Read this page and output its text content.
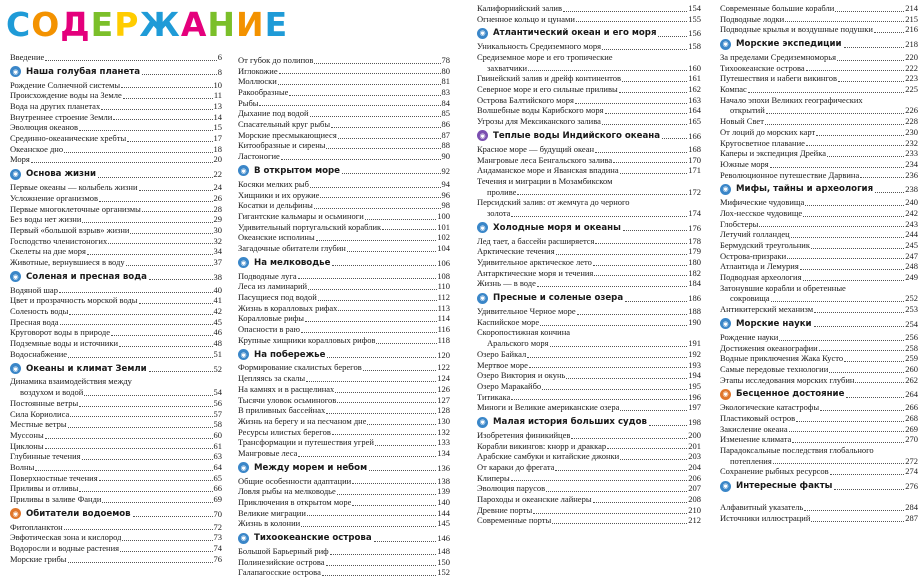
СОДЕРЖАНИЕ
Введение	6
◉ Наша голубая планета	8
Рождение Солнечной системы	10
Происхождение воды на Земле	11
Вода на других планетах	13
Внутреннее строение Земли	14
Эволюция океанов	15
Срединно-океанические хребты	17
Океанское дно	18
Моря	20
◉ Основа жизни	22
Первые океаны — колыбель жизни	24
Усложнение организмов	26
Первые многоклеточные организмы	28
Без воды нет жизни	29
Первый «большой взрыв» жизни	30
Господство членистоногих	32
Скелеты на дне моря	34
Животные, вернувшиеся в воду	37
◉ Соленая и пресная вода	38
Водяной шар	40
Цвет и прозрачность морской воды	41
Соленость воды	42
Пресная вода	45
Круговорот воды в природе	46
Подземные воды и источники	48
Водоснабжение	51
◉ Океаны и климат Земли	52
Динамика взаимодействия между
воздухом и водой	54
Постоянные ветры	56
Сила Кориолиса	57
Местные ветры	58
Муссоны	60
Циклоны	61
Глубинные течения	63
Волны	64
Поверхностные течения	65
Приливы и отливы	66
Приливы в заливе Фанди	69
◉ Обитатели водоемов	70
Фитопланктон	72
Эвфотическая зона и кислород	73
Водоросли и водные растения	74
Морские грибы	76
От губок до полипов	78
Иглокожие	80
Моллюски	81
Ракообразные	83
Рыбы	84
Дыхание под водой	85
Спасательный круг рыбы	86
Морские пресмыкающиеся	87
Китообразные и сирены	88
Ластоногие	90
◉ В открытом море	92
Косяки мелких рыб	94
Хищники и их оружие	96
Косатки и дельфины	98
Гигантские кальмары и осьминоги	100
Удивительный португальский кораблик	101
Океанские исполины	102
Загадочные обитатели глубин	104
◉ На мелководье	106
Подводные луга	108
Леса из ламинарий	110
Пасущиеся под водой	112
Жизнь в коралловых рифах	113
Коралловые рифы	114
Опасности в раю	116
Крупные хищники коралловых рифов	118
◉ На побережье	120
Формирование скалистых берегов	122
Цепляясь за скалы	124
На камнях и в расщелинах	126
Тысячи уловок осьминогов	127
В приливных бассейнах	128
Жизнь на берегу и на песчаном дне	130
Ресурсы илистых берегов	132
Трансформации и путешествия угрей	133
Мангровые леса	134
◉ Между морем и небом	136
Общие особенности адаптации	138
Ловля рыбы на мелководье	139
Приключения в открытом море	140
Великие миграции	144
Жизнь в колонии	145
◉ Тихоокеанские острова	146
Большой Барьерный риф	148
Полинезийские острова	150
Галапагосские острова	152
Калифорнийский залив	154
Огненное кольцо и цунами	155
◉ Атлантический океан и его моря	156
Уникальность Средиземного моря	158
Средиземное море и его тропические
захватчики	160
Гвинейский залив и дрейф континентов	161
Северное море и его сильные приливы	162
Острова Балтийского моря	163
Волшебные воды Карибского моря	164
Угрозы для Мексиканского залива	165
◉ Теплые воды Индийского океана	166
Красное море — будущий океан	168
Мангровые леса Бенгальского залива	170
Андаманское море и Яванская впадина	171
Течения и миграции в Мозамбикском
проливе	172
Персидский залив: от жемчуга до черного
золота	174
◉ Холодные моря и океаны	176
Лед тает, а бассейн расширяется	178
Арктические течения	179
Удивительное арктическое лето	180
Антарктические моря и течения	182
Жизнь — в воде	184
◉ Пресные и соленые озера	186
Удивительное Черное море	188
Каспийское море	190
Скоропостижная кончина
Аральского моря	191
Озеро Байкал	192
Мертвое море	193
Озеро Виктория и окунь	194
Озеро Маракайбо	195
Титикака	196
Миноги и Великие американские озера	197
◉ Малая история больших судов	198
Изобретения финикийцев	200
Корабли викингов: кнорр и драккар	201
Арабские самбуки и китайские джонки	203
От караки до фрегата	204
Клиперы	206
Эволюция парусов	207
Пароходы и океанские лайнеры	208
Древние порты	210
Современные порты	212
Современные большие корабли	214
Подводные лодки	215
Подводные крылья и воздушные подушки	216
◉ Морские экспедиции	218
За пределами Средиземноморья	220
Тихоокеанские острова	222
Путешествия и набеги викингов	223
Компас	225
Начало эпохи Великих географических
открытий	226
Новый Свет	228
От лоций до морских карт	230
Кругосветное плавание	232
Каперы и экспедиция Дрейка	233
Южные моря	234
Революционное путешествие Дарвина	236
◉ Мифы, тайны и археология	238
Мифические чудовища	240
Лох-несское чудовище	242
Глобстеры	243
Летучий голландец	244
Бермудский треугольник	245
Острова-призраки	247
Атлантида и Лемурия	248
Подводная археология	249
Затонувшие корабли и обретенные
сокровища	252
Антикитерский механизм	253
◉ Морские науки	254
Рождение науки	256
Достижения океанографии	258
Водные приключения Жака Кусто	259
Самые передовые технологии	260
Этапы исследования морских глубин	262
◉ Бесценное достояние	264
Экологические катастрофы	266
Пластиковый остров	268
Закисление океана	269
Изменение климата	270
Парадоксальные последствия глобального
потепления	272
Сохранение рыбных ресурсов	274
◉ Интересные факты	276
Алфавитный указатель	284
Источники иллюстраций	287
